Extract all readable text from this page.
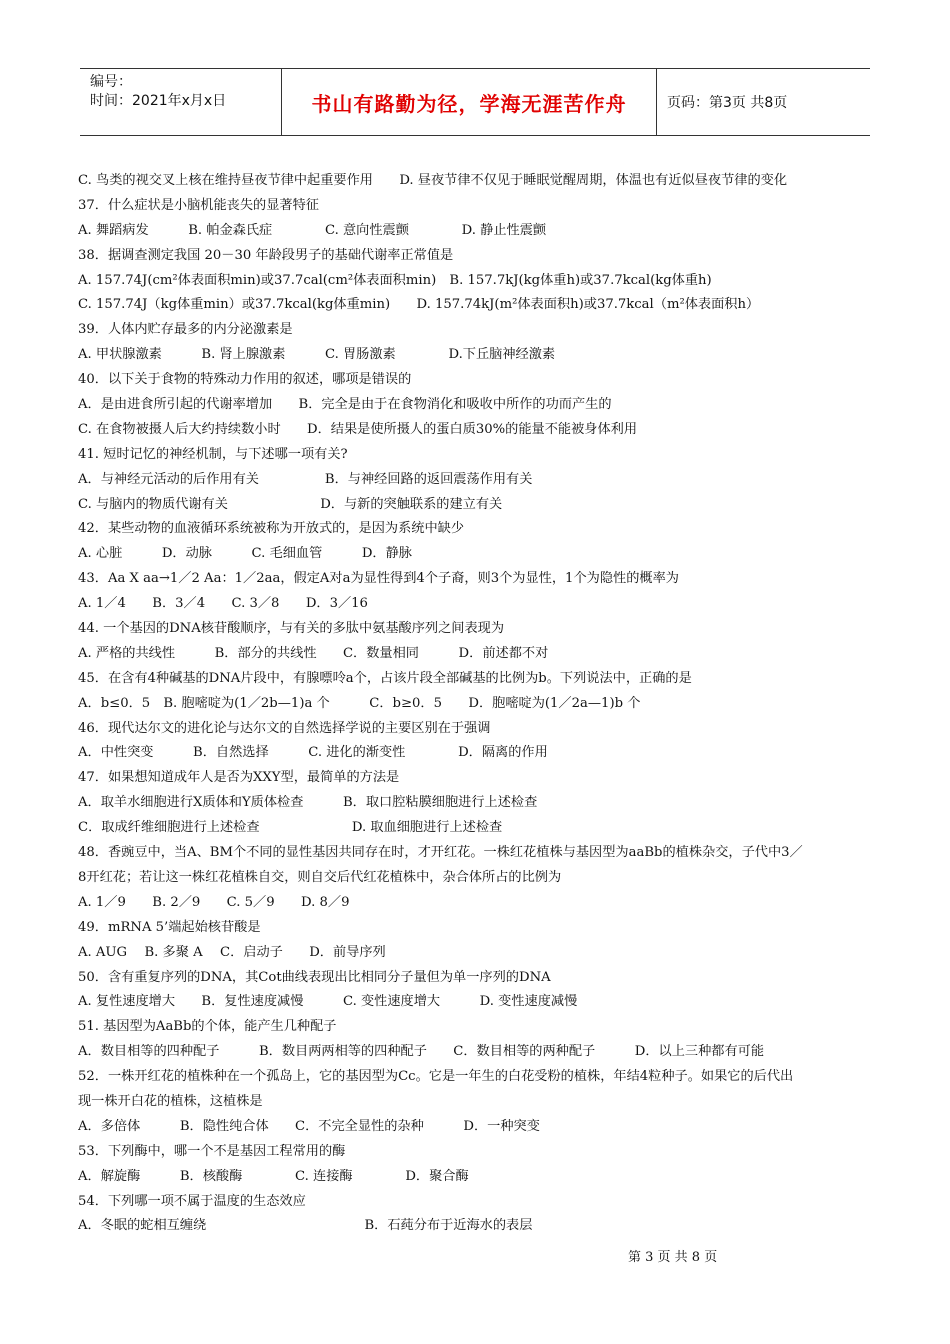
编号：
时间：2021年x月x日	书山有路勤为径，学海无涯苦作舟	页码：第3页 共8页
C. 鸟类的视交叉上核在维持昼夜节律中起重要作用　　D. 昼夜节律不仅见于睡眠觉醒周期，体温也有近似昼夜节律的变化
37．什么症状是小脑机能丧失的显著特征
A. 舞蹈病发　　　B. 帕金森氏症　　　　C. 意向性震颤　　　　D. 静止性震颤
38．据调查测定我国 20－30 年龄段男子的基础代谢率正常值是
A. 157.74J(cm²体表面积min)或37.7cal(cm²体表面积min)　B. 157.7kJ(kg体重h)或37.7kcal(kg体重h)
C. 157.74J（kg体重min）或37.7kcal(kg体重min)　　D. 157.74kJ(m²体表面积h)或37.7kcal（m²体表面积h）
39．人体内贮存最多的内分泌激素是
A. 甲状腺激素　　　B. 肾上腺激素　　　C. 胃肠激素　　　　D.下丘脑神经激素
40．以下关于食物的特殊动力作用的叙述，哪项是错误的
A．是由进食所引起的代谢率增加　　B．完全是由于在食物消化和吸收中所作的功而产生的
C. 在食物被摄人后大约持续数小时　　D．结果是使所摄人的蛋白质30%的能量不能被身体利用
41. 短时记忆的神经机制，与下述哪一项有关?
A．与神经元活动的后作用有关　　　　　B．与神经回路的返回震荡作用有关
C. 与脑内的物质代谢有关　　　　　　　D．与新的突触联系的建立有关
42．某些动物的血液循环系统被称为开放式的，是因为系统中缺少
A. 心脏　　　D．动脉　　　C. 毛细血管　　　D．静脉
43．Aa X aa→1／2 Aa：1／2aa，假定A对a为显性得到4个子裔，则3个为显性，1个为隐性的概率为
A. 1／4　　B．3／4　　C. 3／8　　D．3／16
44. 一个基因的DNA核苷酸顺序，与有关的多肽中氨基酸序列之间表现为
A. 严格的共线性　　　B．部分的共线性　　C．数量相同　　　D．前述都不对
45．在含有4种碱基的DNA片段中，有腺嘌呤a个，占该片段全部碱基的比例为b。下列说法中，正确的是
A．b≤0．5　B. 胞嘧啶为(1／2b—1)a 个　　　C．b≥0．5　　D．胞嘧啶为(1／2a—1)b 个
46．现代达尔文的进化论与达尔文的自然选择学说的主要区别在于强调
A．中性突变　　　B．自然选择　　　C. 进化的渐变性　　　　D．隔离的作用
47．如果想知道成年人是否为XXY型，最简单的方法是
A．取羊水细胞进行X质体和Y质体检查　　　B．取口腔粘膜细胞进行上述检查
C．取成纤维细胞进行上述检查　　　　　　　D. 取血细胞进行上述检查
48．香豌豆中，当A、BM个不同的显性基因共同存在时，才开红花。一株红花植株与基因型为aaBb的植株杂交，子代中3／
8开红花；若让这一株红花植株自交，则自交后代红花植株中，杂合体所占的比例为
A. 1／9　　B. 2／9　　C. 5／9　　D. 8／9
49．mRNA 5’端起始核苷酸是
A. AUG　 B. 多聚 A　 C．启动子　　D．前导序列
50．含有重复序列的DNA，其Cot曲线表现出比相同分子量但为单一序列的DNA
A. 复性速度增大　　B．复性速度减慢　　　C. 变性速度增大　　　D. 变性速度减慢
51. 基因型为AaBb的个体，能产生几种配子
A．数目相等的四种配子　　　B．数目两两相等的四种配子　　C．数目相等的两种配子　　　D．以上三种都有可能
52．一株开红花的植株种在一个孤岛上，它的基因型为Cc。它是一年生的白花受粉的植株，年结4粒种子。如果它的后代出
现一株开白花的植株，这植株是
A．多倍体　　　B．隐性纯合体　　C．不完全显性的杂种　　　D．一种突变
53．下列酶中，哪一个不是基因工程常用的酶
A．解旋酶　　　B．核酸酶　　　　C. 连接酶　　　　D．聚合酶
54．下列哪一项不属于温度的生态效应
A．冬眠的蛇相互缠绕　　　　　　　　　　　　B．石莼分布于近海水的表层
第 3 页 共 8 页
